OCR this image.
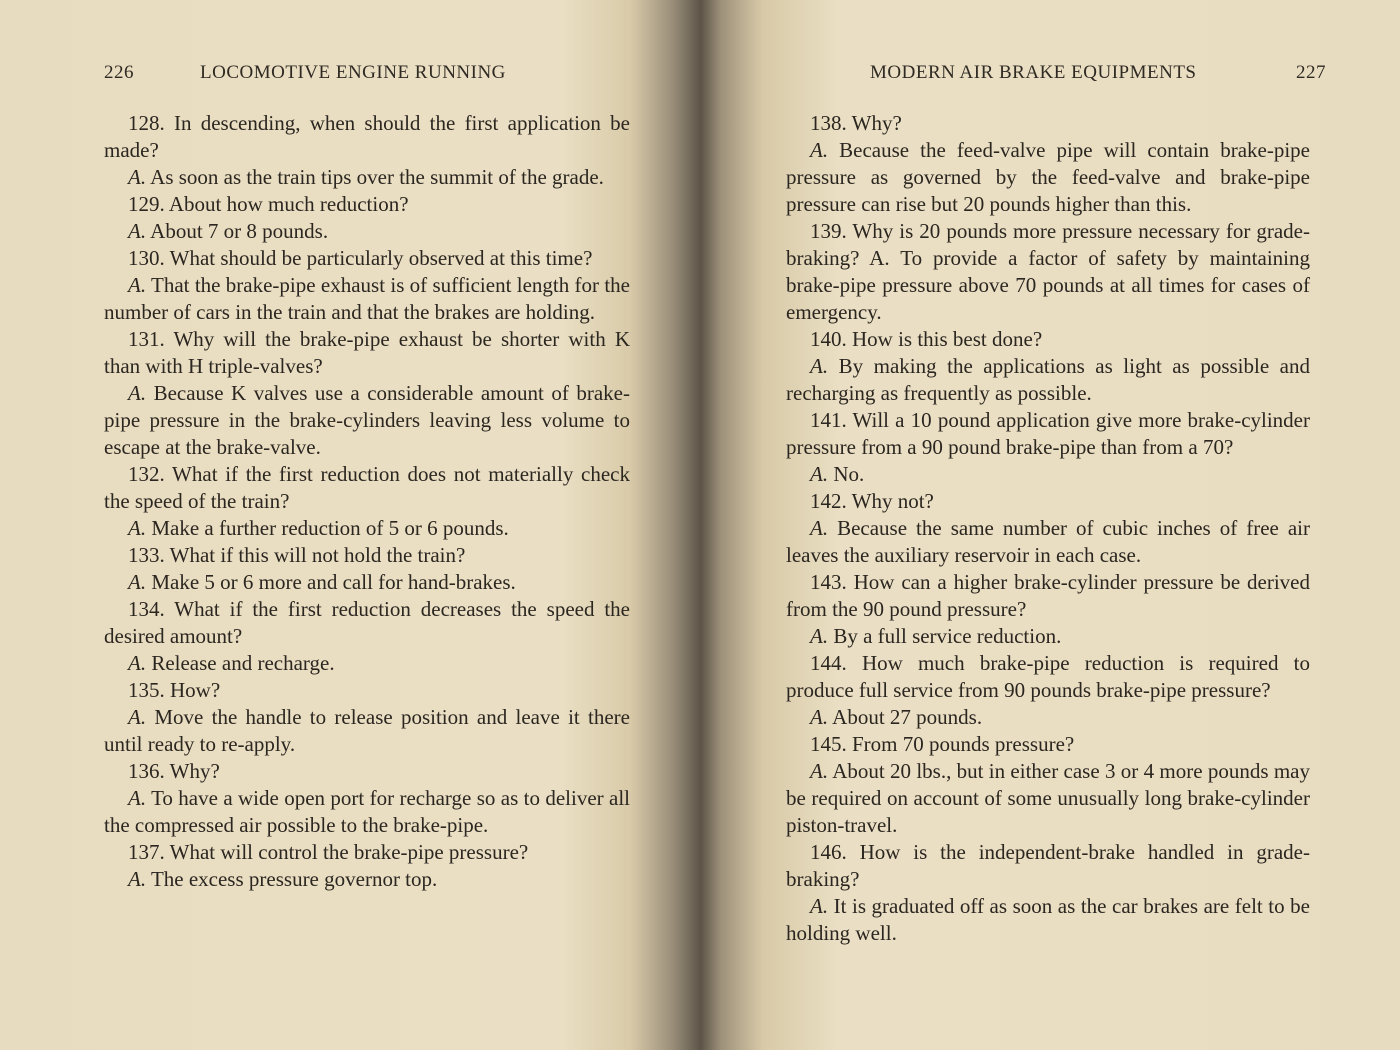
226	LOCOMOTIVE ENGINE RUNNING

128. In descending, when should the first application be made?

A. As soon as the train tips over the summit of the grade.

129. About how much reduction?

A. About 7 or 8 pounds.

130. What should be particularly observed at this time?

A. That the brake-pipe exhaust is of sufficient length for the number of cars in the train and that the brakes are holding.

131. Why will the brake-pipe exhaust be shorter with K than with H triple-valves?

A. Because K valves use a considerable amount of brake-pipe pressure in the brake-cylinders leaving less volume to escape at the brake-valve.

132. What if the first reduction does not materially check the speed of the train?

A. Make a further reduction of 5 or 6 pounds.

133. What if this will not hold the train?

A. Make 5 or 6 more and call for hand-brakes.

134. What if the first reduction decreases the speed the desired amount?

A. Release and recharge.

135. How?

A. Move the handle to release position and leave it there until ready to re-apply.

136. Why?

A. To have a wide open port for recharge so as to deliver all the compressed air possible to the brake-pipe.

137. What will control the brake-pipe pressure?

A. The excess pressure governor top.

MODERN AIR BRAKE EQUIPMENTS	227

138. Why?

A. Because the feed-valve pipe will contain brake-pipe pressure as governed by the feed-valve and brake-pipe pressure can rise but 20 pounds higher than this.

139. Why is 20 pounds more pressure necessary for grade-braking? A. To provide a factor of safety by maintaining brake-pipe pressure above 70 pounds at all times for cases of emergency.

140. How is this best done?

A. By making the applications as light as possible and recharging as frequently as possible.

141. Will a 10 pound application give more brake-cylinder pressure from a 90 pound brake-pipe than from a 70?

A. No.

142. Why not?

A. Because the same number of cubic inches of free air leaves the auxiliary reservoir in each case.

143. How can a higher brake-cylinder pressure be derived from the 90 pound pressure?

A. By a full service reduction.

144. How much brake-pipe reduction is required to produce full service from 90 pounds brake-pipe pressure?

A. About 27 pounds.

145. From 70 pounds pressure?

A. About 20 lbs., but in either case 3 or 4 more pounds may be required on account of some unusually long brake-cylinder piston-travel.

146. How is the independent-brake handled in grade-braking?

A. It is graduated off as soon as the car brakes are felt to be holding well.
